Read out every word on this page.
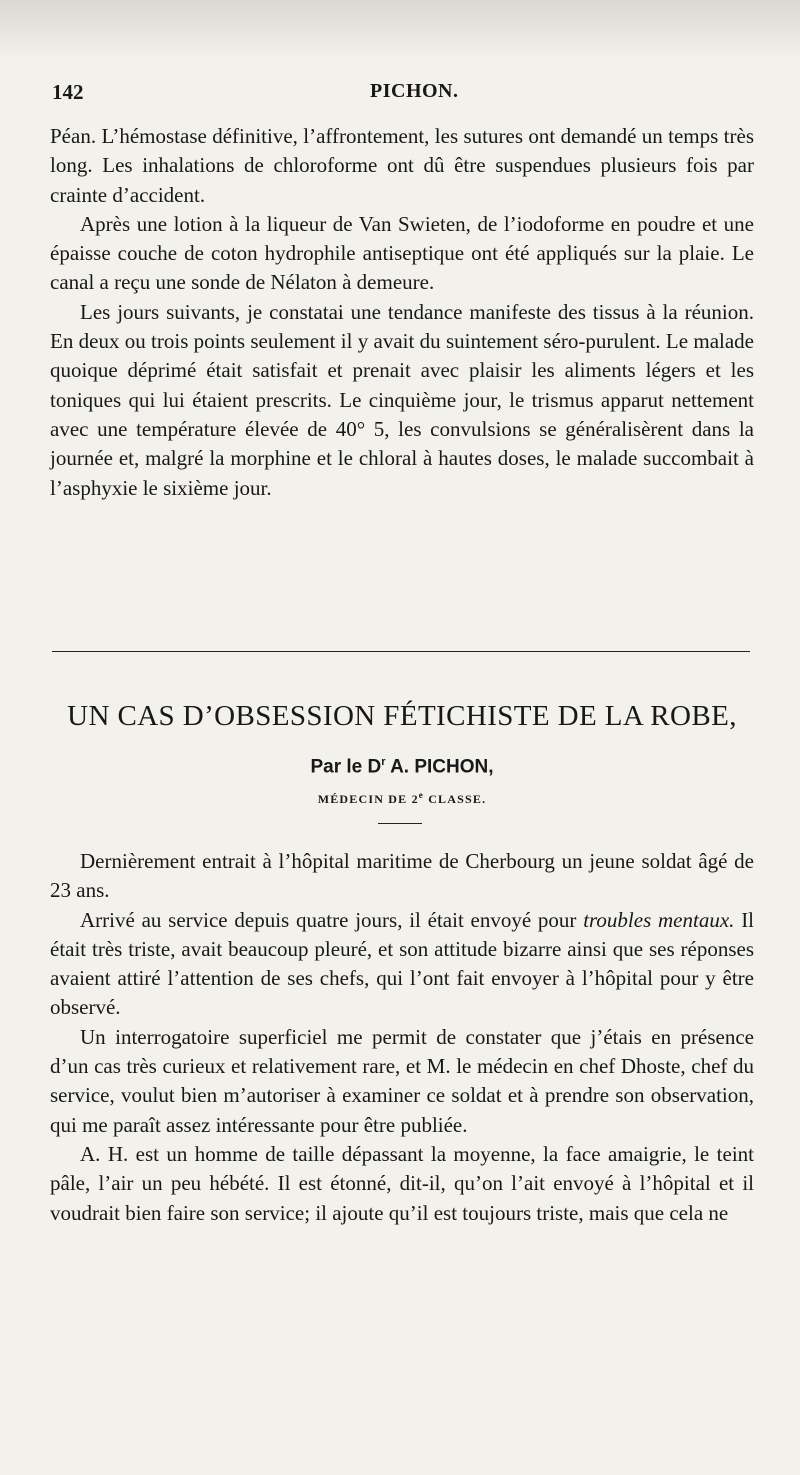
142	PICHON.

Péan. L’hémostase définitive, l’affrontement, les sutures ont demandé un temps très long. Les inhalations de chloroforme ont dû être suspendues plusieurs fois par crainte d’accident.

Après une lotion à la liqueur de Van Swieten, de l’iodoforme en poudre et une épaisse couche de coton hydrophile antiseptique ont été appliqués sur la plaie. Le canal a reçu une sonde de Nélaton à demeure.

Les jours suivants, je constatai une tendance manifeste des tissus à la réunion. En deux ou trois points seulement il y avait du suintement séro-purulent. Le malade quoique déprimé était satisfait et prenait avec plaisir les aliments légers et les toniques qui lui étaient prescrits. Le cinquième jour, le trismus apparut nettement avec une température élevée de 40° 5, les convulsions se généralisèrent dans la journée et, malgré la morphine et le chloral à hautes doses, le malade succombait à l’asphyxie le sixième jour.

UN CAS D’OBSESSION FÉTICHISTE DE LA ROBE,
Par le $D^r$ A. PICHON,
MÉDECIN DE 2e CLASSE.

Dernièrement entrait à l’hôpital maritime de Cherbourg un jeune soldat âgé de 23 ans.

Arrivé au service depuis quatre jours, il était envoyé pour troubles mentaux. Il était très triste, avait beaucoup pleuré, et son attitude bizarre ainsi que ses réponses avaient attiré l’attention de ses chefs, qui l’ont fait envoyer à l’hôpital pour y être observé.

Un interrogatoire superficiel me permit de constater que j’étais en présence d’un cas très curieux et relativement rare, et M. le médecin en chef Dhoste, chef du service, voulut bien m’autoriser à examiner ce soldat et à prendre son observation, qui me paraît assez intéressante pour être publiée.

A. H. est un homme de taille dépassant la moyenne, la face amaigrie, le teint pâle, l’air un peu hébété. Il est étonné, dit-il, qu’on l’ait envoyé à l’hôpital et il voudrait bien faire son service; il ajoute qu’il est toujours triste, mais que cela ne
